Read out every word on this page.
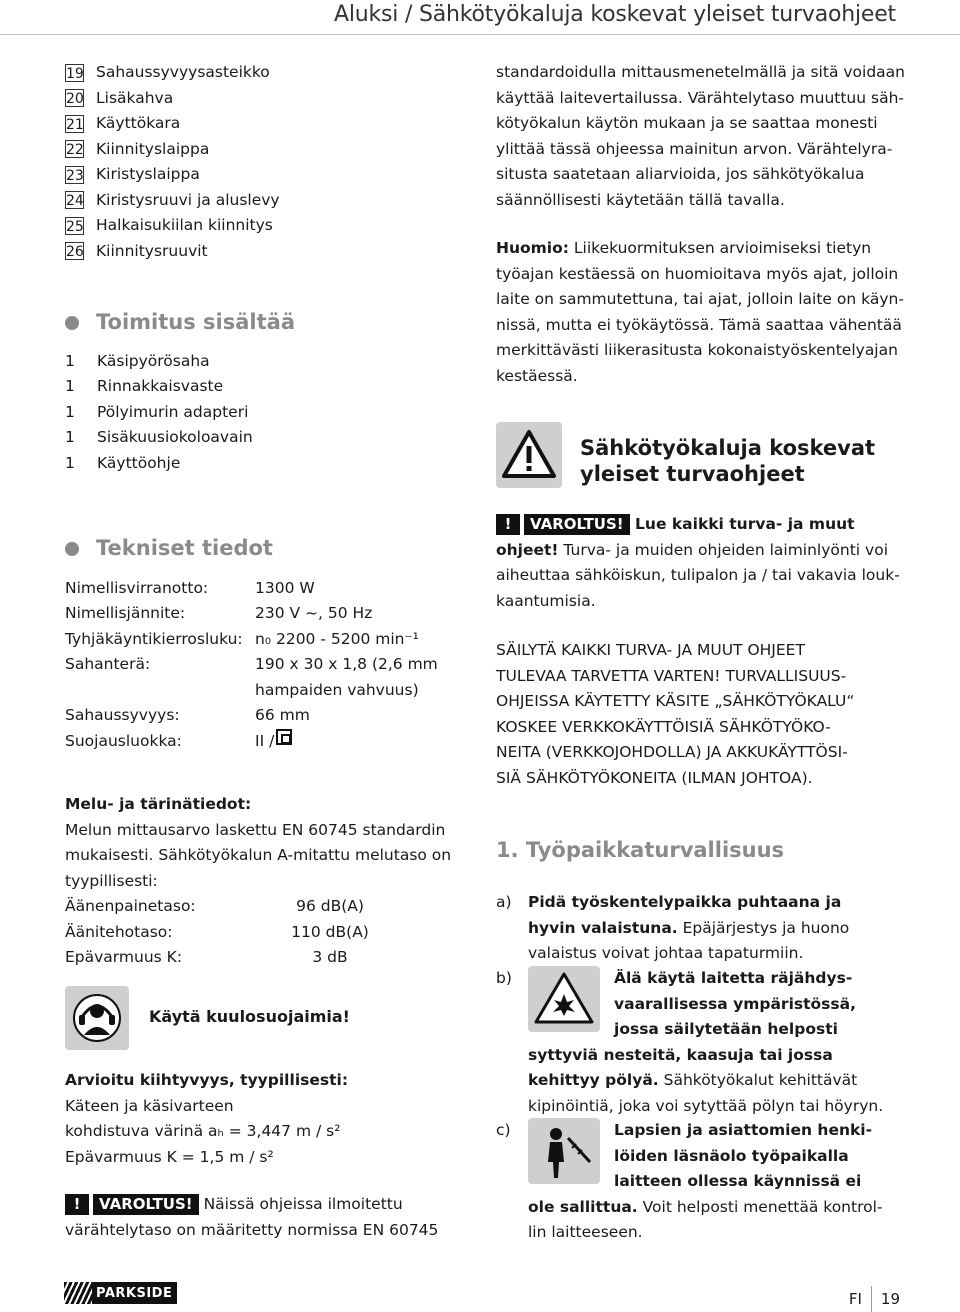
Aluksi / Sähkötyökaluja koskevat yleiset turvaohjeet
19 Sahaussyvyysasteikko
20 Lisäkahva
21 Käyttökara
22 Kiinnityslaippa
23 Kiristyslaippa
24 Kiristysruuvi ja aluslevy
25 Halkaisukiilan kiinnitys
26 Kiinnitysruuvit
Toimitus sisältää
1	Käsipyörösaha
1	Rinnakkaisvaste
1	Pölyimurin adapteri
1	Sisäkuusiokoloavain
1	Käyttöohje
Tekniset tiedot
Nimellisvirranotto:	1300 W
Nimellisjännite:	230 V ~, 50 Hz
Tyhjäkäyntikierrosluku: n₀ 2200 - 5200 min⁻¹
Sahanterä:	190 x 30 x 1,8 (2,6 mm
hampaiden vahvuus)
Sahaussyvyys:	66 mm
Suojausluokka:	II /
Melu- ja tärinätiedot:
Melun mittausarvo laskettu EN 60745 standardin
mukaisesti. Sähkötyökalun A-mitattu melutaso on
tyypillisesti:
Äänenpainetaso:	96 dB(A)
Äänitehotaso:	110 dB(A)
Epävarmuus K:	3 dB
Käytä kuulosuojaimia!
Arvioitu kiihtyvyys, tyypillisesti:
Käteen ja käsivarteen
kohdistuva värinä aₕ = 3,447 m / s²
Epävarmuus K = 1,5 m / s²
! VAROLTUS! Näissä ohjeissa ilmoitettu
värähtelytaso on määritetty normissa EN 60745
standardoidulla mittausmenetelmällä ja sitä voidaan
käyttää laitevertailussa. Värähtelytaso muuttuu säh-
kötyökalun käytön mukaan ja se saattaa monesti
ylittää tässä ohjeessa mainitun arvon. Värähtelyra-
situsta saatetaan aliarvioida, jos sähkötyökalua
säännöllisesti käytetään tällä tavalla.
Huomio: Liikekuormituksen arvioimiseksi tietyn
työajan kestäessä on huomioitava myös ajat, jolloin
laite on sammutettuna, tai ajat, jolloin laite on käyn-
nissä, mutta ei työkäytössä. Tämä saattaa vähentää
merkittävästi liikerasitusta kokonaistyöskentelyajan
kestäessä.
Sähkötyökaluja koskevat
yleiset turvaohjeet
! VAROLTUS! Lue kaikki turva- ja muut
ohjeet! Turva- ja muiden ohjeiden laiminlyönti voi
aiheuttaa sähköiskun, tulipalon ja / tai vakavia louk-
kaantumisia.
SÄILYTÄ KAIKKI TURVA- JA MUUT OHJEET
TULEVAA TARVETTA VARTEN! TURVALLISUUS-
OHJEISSA KÄYTETTY KÄSITE „SÄHKÖTYÖKALU“
KOSKEE VERKKOKÄYTTÖISIÄ SÄHKÖTYÖKO-
NEITA (VERKKOJOHDOLLA) JA AKKUKÄYTTÖSI-
SIÄ SÄHKÖTYÖKONEITA (ILMAN JOHTOA).
1. Työpaikkaturvallisuus
a)	Pidä työskentelypaikka puhtaana ja
hyvin valaistuna. Epäjärjestys ja huono
valaistus voivat johtaa tapaturmiin.
b)	Älä käytä laitetta räjähdys-
vaarallisessa ympäristössä,
jossa säilytetään helposti
syttyviä nesteitä, kaasuja tai jossa
kehittyy pölyä. Sähkötyökalut kehittävät
kipinöintiä, joka voi sytyttää pölyn tai höyryn.
c)	Lapsien ja asiattomien henki-
löiden läsnäolo työpaikalla
laitteen ollessa käynnissä ei
ole sallittua. Voit helposti menettää kontrol-
lin laitteeseen.
PARKSIDE	FI 19
